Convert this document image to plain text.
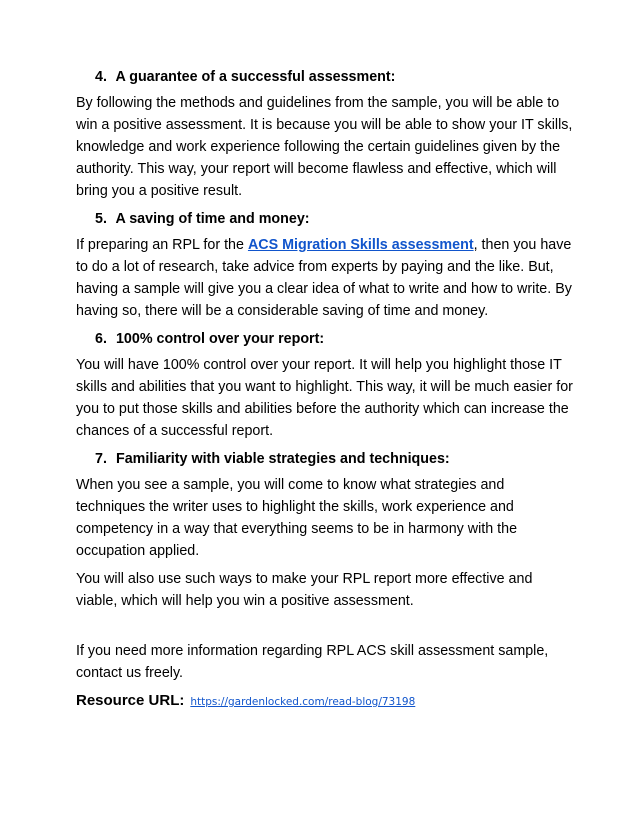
4. A guarantee of a successful assessment:

By following the methods and guidelines from the sample, you will be able to win a positive assessment. It is because you will be able to show your IT skills, knowledge and work experience following the certain guidelines given by the authority. This way, your report will become flawless and effective, which will bring you a positive result.

5. A saving of time and money:

If preparing an RPL for the ACS Migration Skills assessment, then you have to do a lot of research, take advice from experts by paying and the like. But, having a sample will give you a clear idea of what to write and how to write. By having so, there will be a considerable saving of time and money.

6. 100% control over your report:

You will have 100% control over your report. It will help you highlight those IT skills and abilities that you want to highlight. This way, it will be much easier for you to put those skills and abilities before the authority which can increase the chances of a successful report.

7. Familiarity with viable strategies and techniques:

When you see a sample, you will come to know what strategies and techniques the writer uses to highlight the skills, work experience and competency in a way that everything seems to be in harmony with the occupation applied.

You will also use such ways to make your RPL report more effective and viable, which will help you win a positive assessment.

If you need more information regarding RPL ACS skill assessment sample, contact us freely.

Resource URL: https://gardenlocked.com/read-blog/73198
